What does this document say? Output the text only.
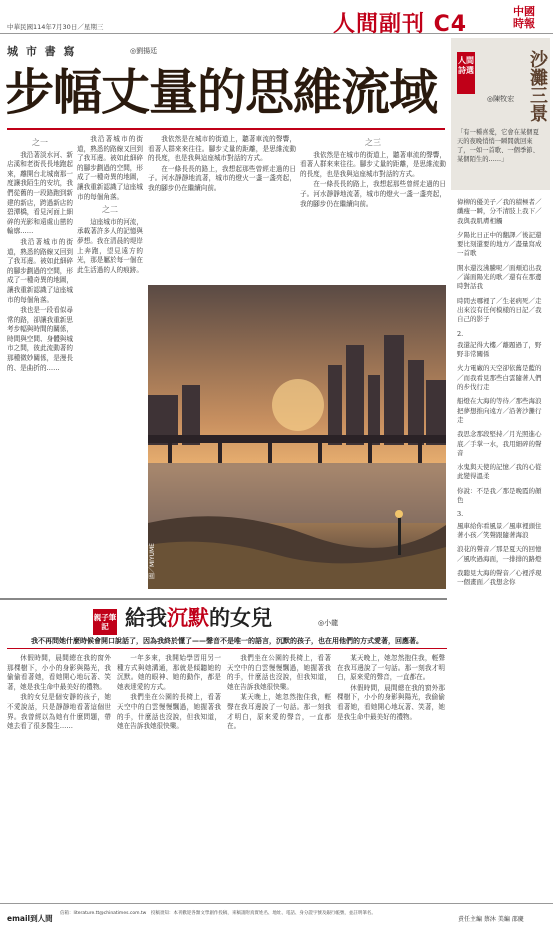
中華民國114年7月30日／星期三	人間副刊 C4
中國
時報
城 市 書 寫	◎劉揚廷
步幅丈量的思維流域
之一

我沿著淡水河、新店溪和老街長長地跑起來，離開台北城南那一度讓我陌生的安坑，我們從舊的一段路跑到新建的新店，跨過新店的碧潭橋，看見河面上細碎的光影和遠處山巒的輪廓……

我沿著城市的街道，熟悉的路線又回到了我耳邊。被如此細碎的腳步劃過的空間，形成了一種奇異的地圖，讓我重新認識了這座城市的每個角落。

我也是一段看似尋常的路，卻讓我重新思考步幅與時間的關係，時間與空間、身體與城市之間，彼此流動著的那種微妙關係，是漫長的、是曲折的……

我沿著城市的街道，熟悉的路線又回到了我耳邊。被如此細碎的腳步劃過的空間，形成了一種奇異的地圖，讓我重新認識了這座城市的每個角落。

之二

這座城市的河流，承載著許多人的記憶與夢想。我在清晨的堤岸上奔跑，望見遠方的光，那是屬於每一個在此生活過的人的痕跡。

我依然是在城市的街道上，聽著車流的聲響，看著人群來來往往。腳步丈量的距離，是思維流動的長度，也是我與這座城市對話的方式。

在一條長長的路上，我想起那些曾經走過的日子。河水靜靜地流著，城市的燈火一盞一盞亮起，我的腳步仍在繼續向前。

之三

我依然是在城市的街道上，聽著車流的聲響，看著人群來來往往。腳步丈量的距離，是思維流動的長度，也是我與這座城市對話的方式。

在一條長長的路上，我想起那些曾經走過的日子。河水靜靜地流著，城市的燈火一盞一盞亮起，我的腳步仍在繼續向前。

圖／MIYUME
人間詩選	沙灘三景
◎陳牧宏
「有一種喜愛，它會在某個夏天的夜晚悄悄一瞬間就回來了，一如一首歌、一個季節、某個陌生的……」
偉柳的優美子／我的積極者／纖瘦一瞬，分不清肢上我下／我與我肌膚相觸
夕陽比日正中的翻譯／後記還要比刻還要的地方／盡量寫成一首歌
開水還沒沸騰呢／面頰追出我／滿面陽光的歌／還有在那邊時對話我
時間去哪裡了／生老病死／走出來沒有任何模樣的日記／我自己的影子
2.
我還記得大樓／離題過了，野野非常關係
火力電廠的天空卻依舊是藍的／而我看見那些白雲隨著人們的步伐行走
船燈在大海的等待／那些海浪把夢想推向遠方／沿著沙灘行走
我思念那段堅持／月光照進心底／手掌一水，我用細碎的聲音
水鬼與天使的記憶／我的心從此變得溫柔
你說：不是我／那是晚霞的顏色
3.
風車給你看風景／風車裡頭住著小孩／笑聲跟隨著海浪
浪花的聲音／那是夏天的回憶／風吹過海面，一排排的路燈
我聽見大海的聲音／心裡浮現一個畫面／我想念你
親子筆記 給我沉默的女兒	◎小龍
我不再問她什麼時候會開口說話了，因為我終於懂了——聲音不是唯一的語言，沉默的孩子，也在用他們的方式愛著，回應著。

休假時間，晨間總在我的窗外那棵樹下，小小的身影與陽光，我偷偷看著她，看她開心地玩著、笑著，她是我生命中最美好的禮物。

我的女兒是個安靜的孩子，她不愛說話，只是靜靜地看著這個世界。我曾經以為她有什麼問題，帶她去看了很多醫生……

一年多來，我開始學習用另一種方式與她溝通，那就是傾聽她的沉默。她的眼神、她的動作，都是她表達愛的方式。

我們坐在公園的長椅上，看著天空中的白雲慢慢飄過，她握著我的手，什麼話也沒說，但我知道，她在告訴我她很快樂。

我們坐在公園的長椅上，看著天空中的白雲慢慢飄過，她握著我的手，什麼話也沒說，但我知道，她在告訴我她很快樂。

某天晚上，她忽然抱住我，輕聲在我耳邊說了一句話。那一刻我才明白，原來愛的聲音，一直都在。

某天晚上，她忽然抱住我，輕聲在我耳邊說了一句話。那一刻我才明白，原來愛的聲音，一直都在。

休假時間，晨間總在我的窗外那棵樹下，小小的身影與陽光，我偷偷看著她，看她開心地玩著、笑著，她是我生命中最美好的禮物。

email到人間
信箱：literature.tt@chinatimes.com.tw　投稿須知：本刊歡迎各類文學創作投稿，來稿請附真實姓名、地址、電話、身分證字號及銀行帳號，並註明筆名。
責任主編 蔡沐 美編 邵慶
